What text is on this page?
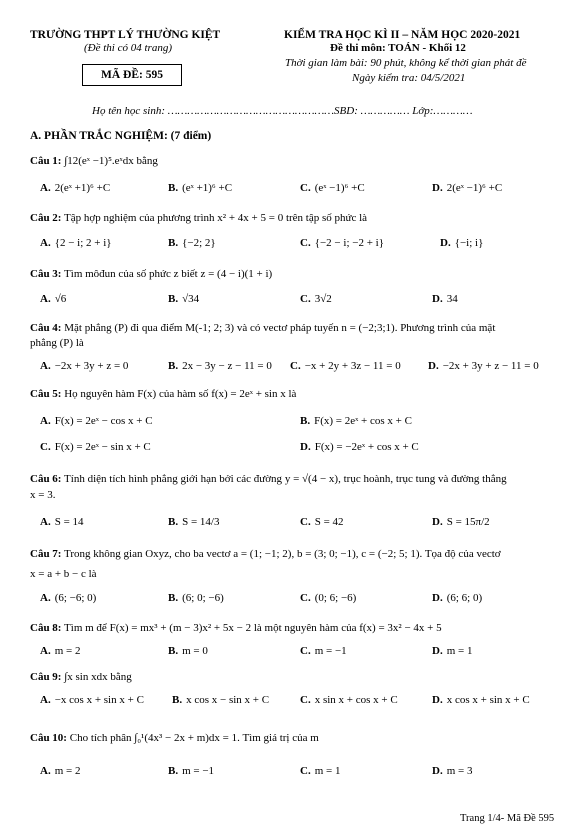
TRƯỜNG THPT LÝ THƯỜNG KIỆT
(Đề thi có 04 trang)
MÃ ĐỀ: 595
KIỂM TRA HỌC KÌ II – NĂM HỌC 2020-2021
Đề thi môn: TOÁN - Khối 12
Thời gian làm bài: 90 phút, không kể thời gian phát đề
Ngày kiểm tra: 04/5/2021
Họ tên học sinh: ……………………………………………SBD: …………… Lớp:…………
A. PHẦN TRẮC NGHIỆM: (7 điểm)
Câu 1: ∫12(eˣ −1)⁵.eˣdx bằng
A. 2(eˣ +1)⁶ +C	B. (eˣ +1)⁶ +C	C. (eˣ −1)⁶ +C	D. 2(eˣ −1)⁶ +C
Câu 2: Tập hợp nghiệm của phương trình x² + 4x + 5 = 0 trên tập số phức là
A. {2 − i; 2 + i}	B. {−2; 2}	C. {−2 − i; −2 + i}	D. {−i; i}
Câu 3: Tìm môđun của số phức z biết z = (4 − i)(1 + i)
A. √6	B. √34	C. 3√2	D. 34
Câu 4: Mặt phẳng (P) đi qua điểm M(-1; 2; 3) và có vectơ pháp tuyến n = (−2;3;1). Phương trình của mặt
phẳng (P) là
A. −2x + 3y + z = 0	B. 2x − 3y − z − 11 = 0 C. −x + 2y + 3z − 11 = 0 D. −2x + 3y + z − 11 = 0
Câu 5: Họ nguyên hàm F(x) của hàm số f(x) = 2eˣ + sin x là
A. F(x) = 2eˣ − cos x + C	B. F(x) = 2eˣ + cos x + C
C. F(x) = 2eˣ − sin x + C	D. F(x) = −2eˣ + cos x + C
Câu 6: Tính diện tích hình phẳng giới hạn bởi các đường y = √(4 − x), trục hoành, trục tung và đường thẳng
x = 3.
A. S = 14	B. S = 14/3	C. S = 42	D. S = 15π/2
Câu 7: Trong không gian Oxyz, cho ba vectơ a = (1; −1; 2), b = (3; 0; −1), c = (−2; 5; 1). Tọa độ của vectơ
x = a + b − c là
A. (6; −6; 0)	B. (6; 0; −6)	C. (0; 6; −6)	D. (6; 6; 0)
Câu 8: Tìm m để F(x) = mx³ + (m − 3)x² + 5x − 2 là một nguyên hàm của f(x) = 3x² − 4x + 5
A. m = 2	B. m = 0	C. m = −1	D. m = 1
Câu 9: ∫x sin xdx bằng
A. −x cos x + sin x + C	B. x cos x − sin x + C	C. x sin x + cos x + C	D. x cos x + sin x + C
Câu 10: Cho tích phân ∫₀¹(4x³ − 2x + m)dx = 1. Tìm giá trị của m
A. m = 2	B. m = −1	C. m = 1	D. m = 3
Trang 1/4- Mã Đề 595
